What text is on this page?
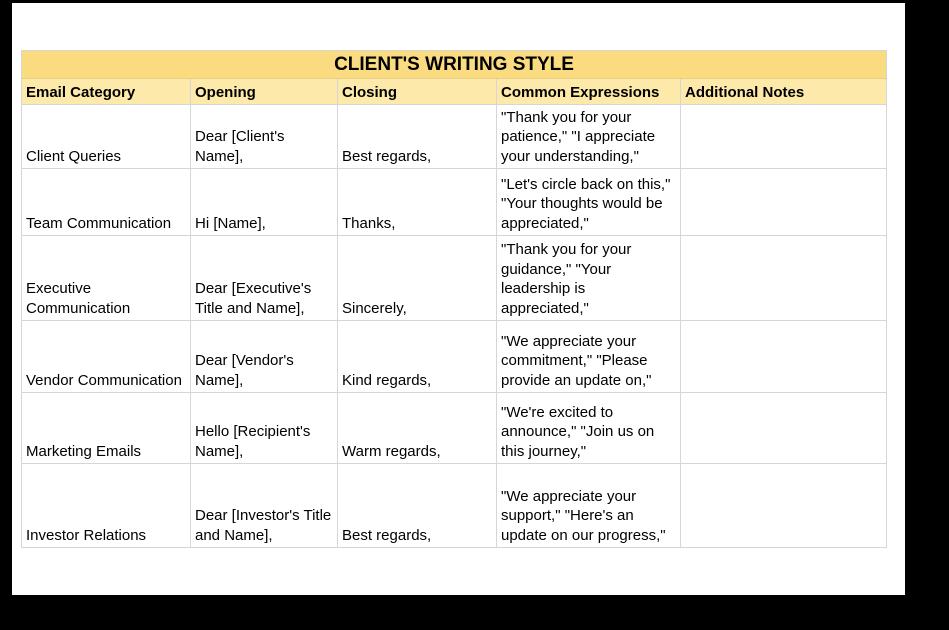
CLIENT'S WRITING STYLE				
Email Category	Opening	Closing	Common Expressions	Additional Notes
Client Queries	Dear [Client's Name],	Best regards,	"Thank you for your patience," "I appreciate your understanding,"	
Team Communication	Hi [Name],	Thanks,	"Let's circle back on this," "Your thoughts would be appreciated,"	
Executive Communication	Dear [Executive's Title and Name],	Sincerely,	"Thank you for your guidance," "Your leadership is appreciated,"	
Vendor Communication	Dear [Vendor's Name],	Kind regards,	"We appreciate your commitment," "Please provide an update on,"	
Marketing Emails	Hello [Recipient's Name],	Warm regards,	"We're excited to announce," "Join us on this journey,"	
Investor Relations	Dear [Investor's Title and Name],	Best regards,	"We appreciate your support," "Here's an update on our progress,"	
